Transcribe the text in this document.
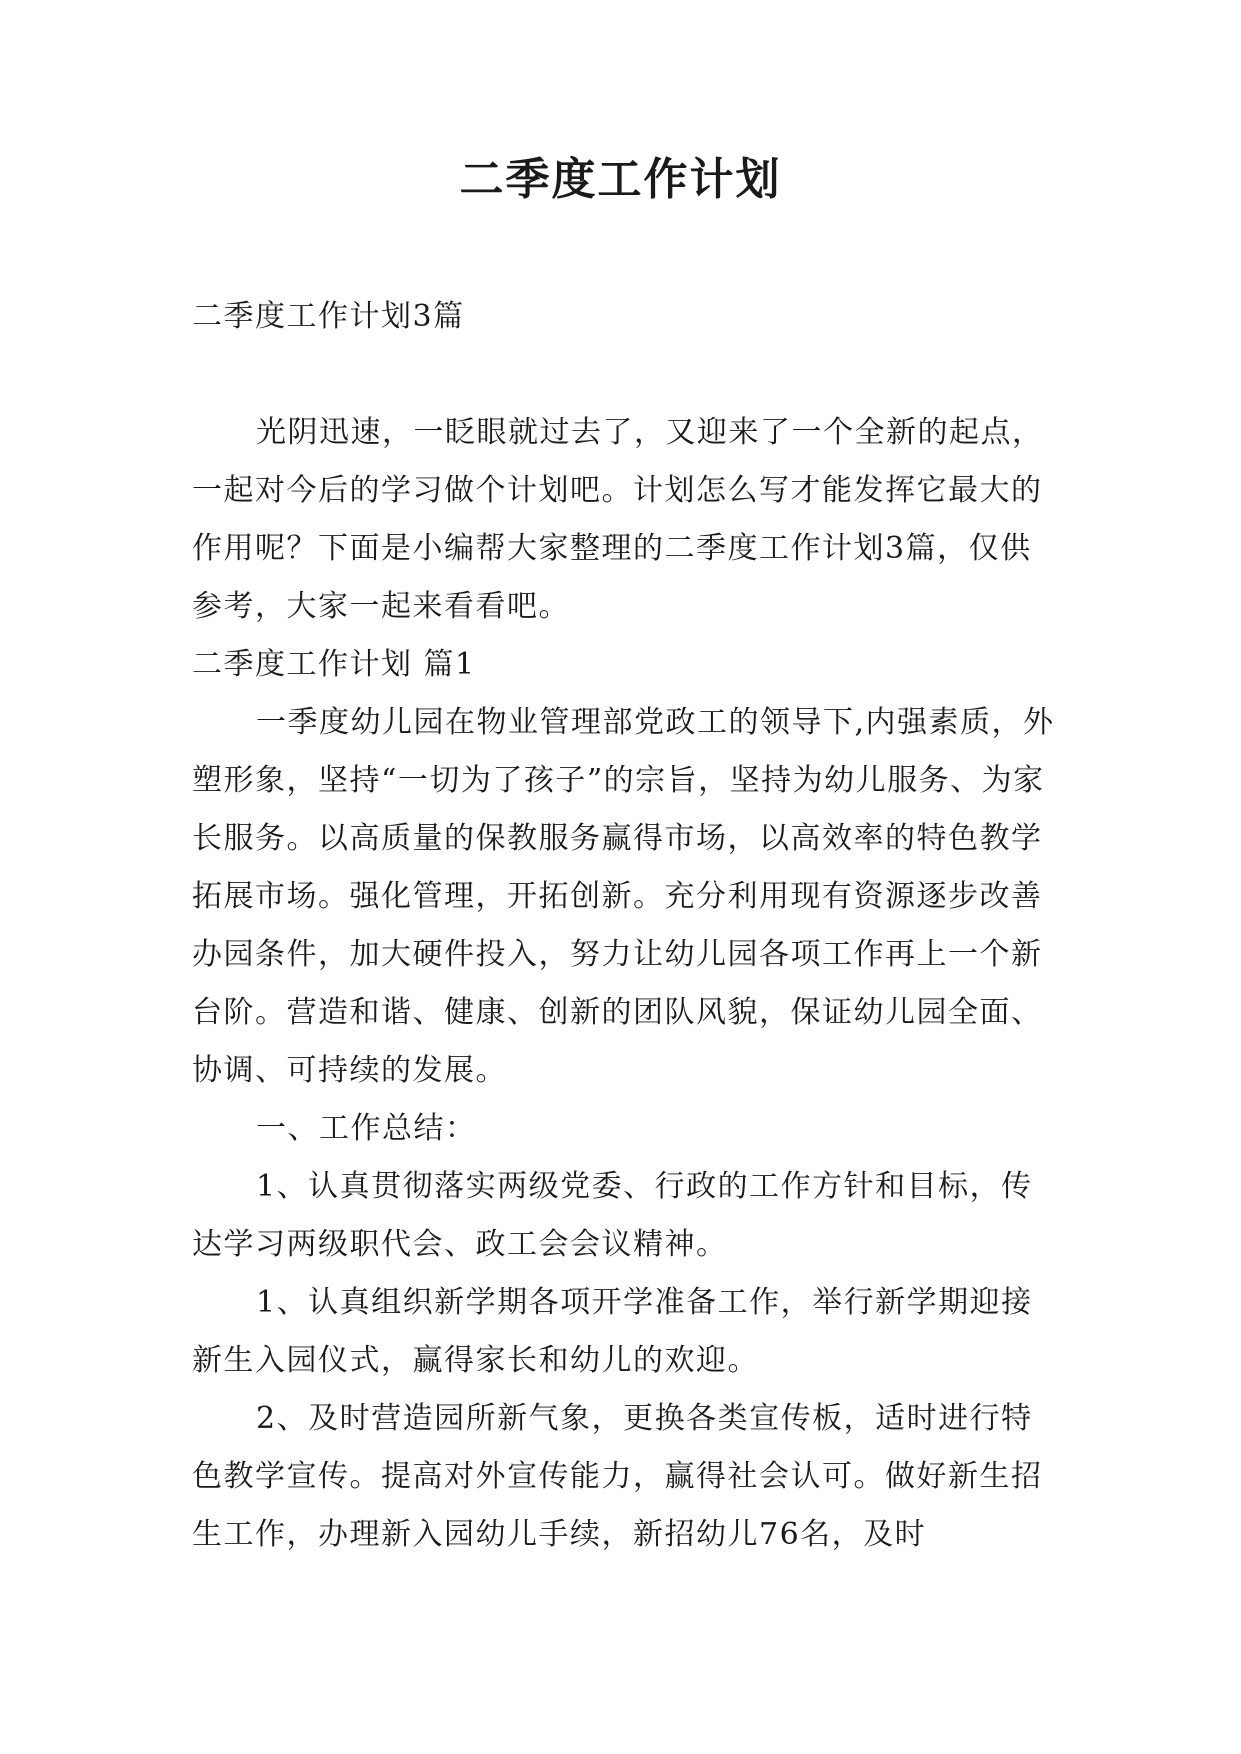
二季度工作计划

二季度工作计划3篇

光阴迅速，一眨眼就过去了，又迎来了一个全新的起点，一起对今后的学习做个计划吧。计划怎么写才能发挥它最大的作用呢？下面是小编帮大家整理的二季度工作计划3篇，仅供参考，大家一起来看看吧。

二季度工作计划 篇1

一季度幼儿园在物业管理部党政工的领导下,内强素质，外塑形象，坚持“一切为了孩子”的宗旨，坚持为幼儿服务、为家长服务。以高质量的保教服务赢得市场，以高效率的特色教学拓展市场。强化管理，开拓创新。充分利用现有资源逐步改善办园条件，加大硬件投入，努力让幼儿园各项工作再上一个新台阶。营造和谐、健康、创新的团队风貌，保证幼儿园全面、协调、可持续的发展。

一、工作总结：

1、认真贯彻落实两级党委、行政的工作方针和目标，传达学习两级职代会、政工会会议精神。

1、认真组织新学期各项开学准备工作，举行新学期迎接新生入园仪式，赢得家长和幼儿的欢迎。

2、及时营造园所新气象，更换各类宣传板，适时进行特色教学宣传。提高对外宣传能力，赢得社会认可。做好新生招生工作，办理新入园幼儿手续，新招幼儿76名，及时
